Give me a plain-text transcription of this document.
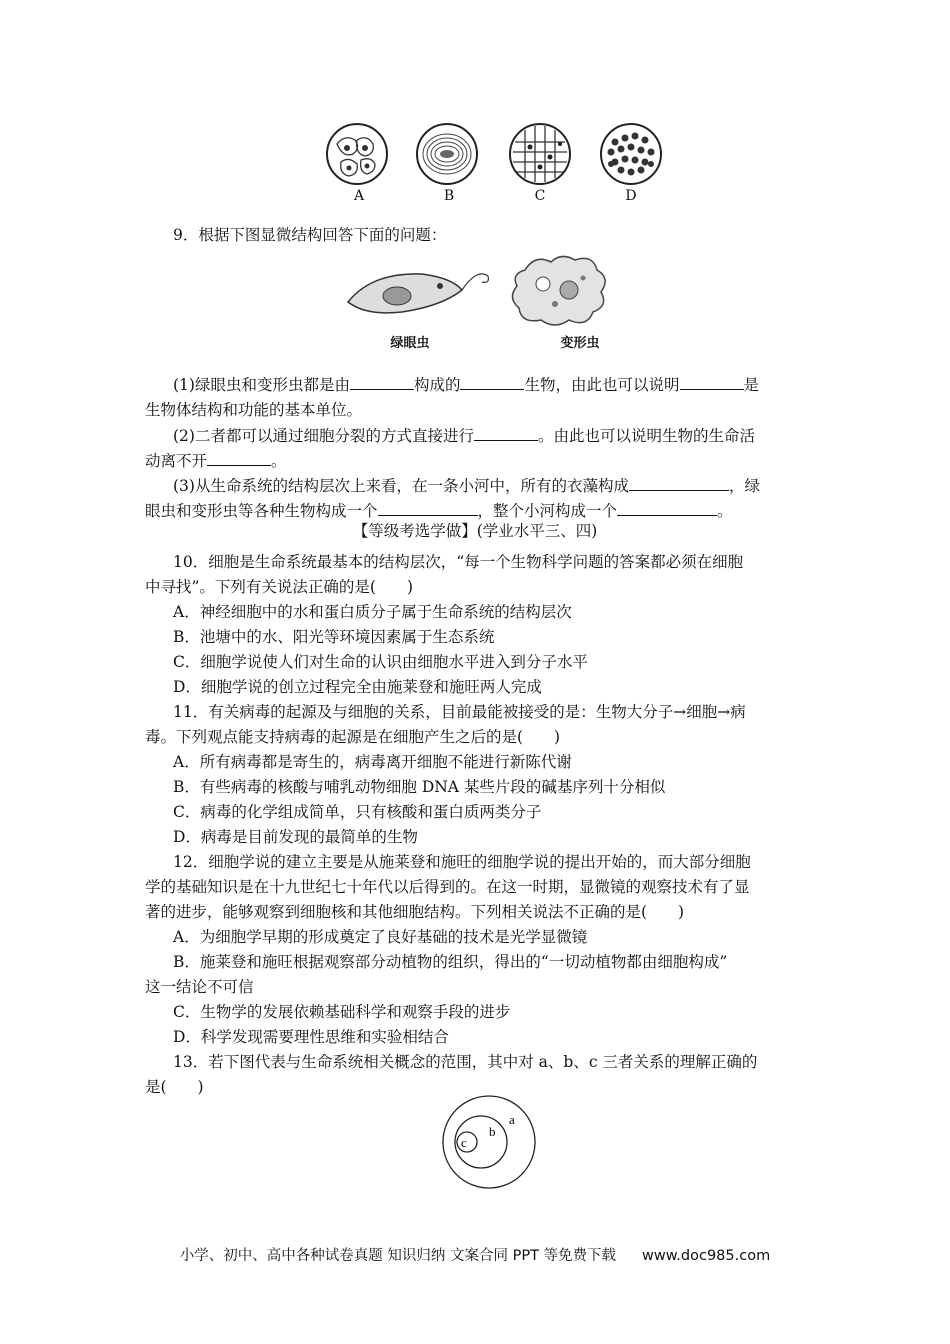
A	B	C	D
9．根据下图显微结构回答下面的问题：
绿眼虫	变形虫
(1)绿眼虫和变形虫都是由	构成的	生物，由此也可以说明	是
生物体结构和功能的基本单位。
(2)二者都可以通过细胞分裂的方式直接进行	。由此也可以说明生物的生命活
动离不开	。
(3)从生命系统的结构层次上来看，在一条小河中，所有的衣藻构成	，绿
眼虫和变形虫等各种生物构成一个	，整个小河构成一个	。
【等级考选学做】(学业水平三、四)
10．细胞是生命系统最基本的结构层次，“每一个生物科学问题的答案都必须在细胞
中寻找”。下列有关说法正确的是(　　)
A．神经细胞中的水和蛋白质分子属于生命系统的结构层次
B．池塘中的水、阳光等环境因素属于生态系统
C．细胞学说使人们对生命的认识由细胞水平进入到分子水平
D．细胞学说的创立过程完全由施莱登和施旺两人完成
11．有关病毒的起源及与细胞的关系，目前最能被接受的是：生物大分子→细胞→病
毒。下列观点能支持病毒的起源是在细胞产生之后的是(　　)
A．所有病毒都是寄生的，病毒离开细胞不能进行新陈代谢
B．有些病毒的核酸与哺乳动物细胞 DNA 某些片段的碱基序列十分相似
C．病毒的化学组成简单，只有核酸和蛋白质两类分子
D．病毒是目前发现的最简单的生物
12．细胞学说的建立主要是从施莱登和施旺的细胞学说的提出开始的，而大部分细胞
学的基础知识是在十九世纪七十年代以后得到的。在这一时期，显微镜的观察技术有了显
著的进步，能够观察到细胞核和其他细胞结构。下列相关说法不正确的是(　　)
A．为细胞学早期的形成奠定了良好基础的技术是光学显微镜
B．施莱登和施旺根据观察部分动植物的组织，得出的“一切动植物都由细胞构成”
这一结论不可信
C．生物学的发展依赖基础科学和观察手段的进步
D．科学发现需要理性思维和实验相结合
13．若下图代表与生命系统相关概念的范围，其中对 a、b、c 三者关系的理解正确的
是(　　)
a
b
c
小学、初中、高中各种试卷真题 知识归纳 文案合同 PPT 等免费下载 www.doc985.com
